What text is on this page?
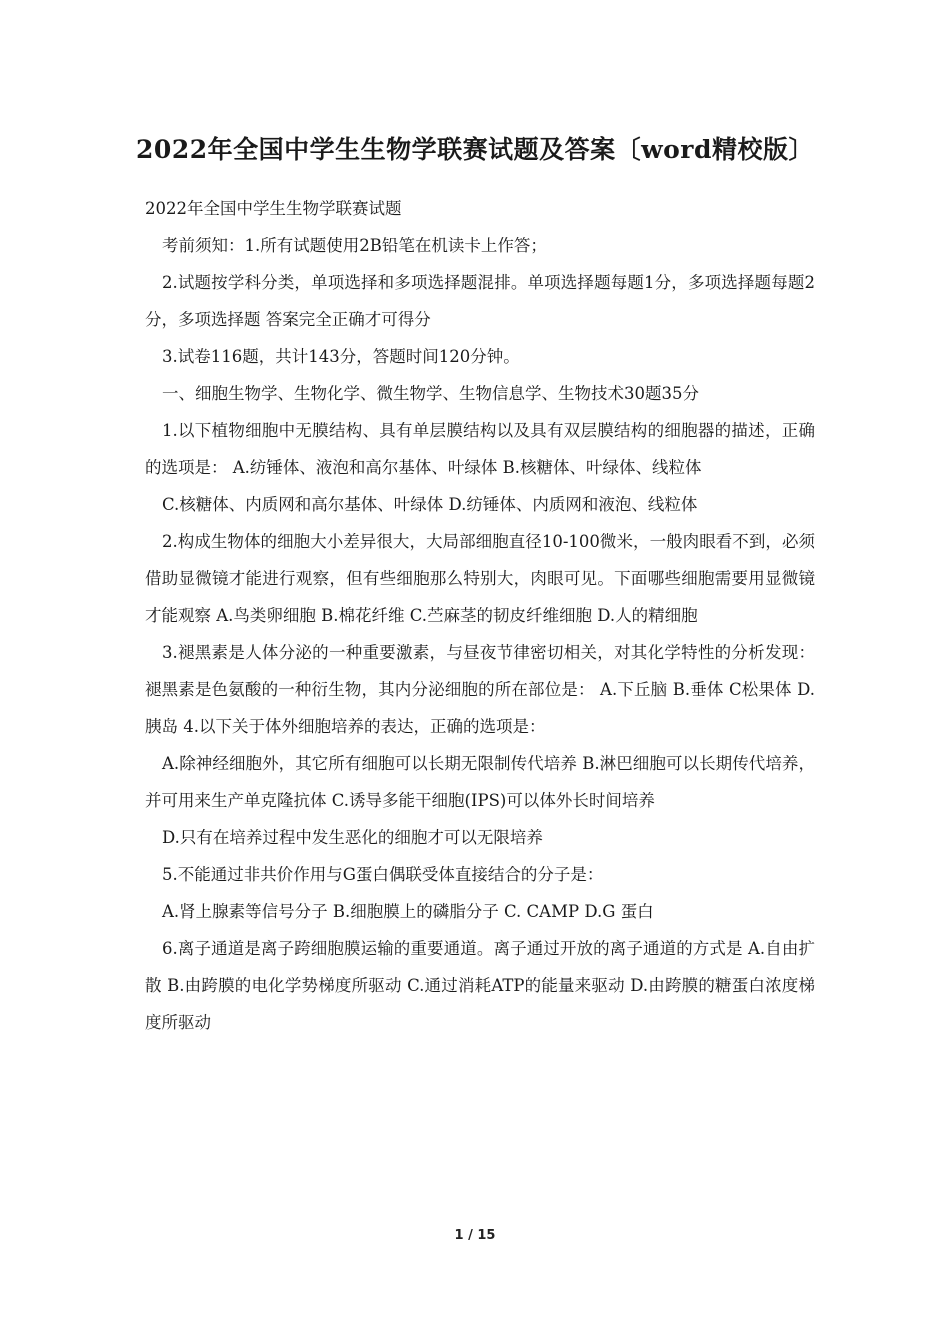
2022年全国中学生生物学联赛试题及答案〔word精校版〕

2022年全国中学生生物学联赛试题

考前须知：1.所有试题使用2B铅笔在机读卡上作答；

2.试题按学科分类，单项选择和多项选择题混排。单项选择题每题1分，多项选择题每题2分，多项选择题 答案完全正确才可得分

3.试卷116题，共计143分，答题时间120分钟。

一、细胞生物学、生物化学、微生物学、生物信息学、生物技术30题35分

1.以下植物细胞中无膜结构、具有单层膜结构以及具有双层膜结构的细胞器的描述，正确的选项是： A.纺锤体、液泡和高尔基体、叶绿体 B.核糖体、叶绿体、线粒体

C.核糖体、内质网和高尔基体、叶绿体 D.纺锤体、内质网和液泡、线粒体

2.构成生物体的细胞大小差异很大，大局部细胞直径10-100微米，一般肉眼看不到，必须借助显微镜才能进行观察，但有些细胞那么特别大，肉眼可见。下面哪些细胞需要用显微镜才能观察 A.鸟类卵细胞 B.棉花纤维 C.苎麻茎的韧皮纤维细胞 D.人的精细胞

3.褪黑素是人体分泌的一种重要激素，与昼夜节律密切相关，对其化学特性的分析发现：褪黑素是色氨酸的一种衍生物，其内分泌细胞的所在部位是： A.下丘脑 B.垂体 C松果体 D.胰岛 4.以下关于体外细胞培养的表达，正确的选项是：

A.除神经细胞外，其它所有细胞可以长期无限制传代培养 B.淋巴细胞可以长期传代培养，并可用来生产单克隆抗体 C.诱导多能干细胞(IPS)可以体外长时间培养

D.只有在培养过程中发生恶化的细胞才可以无限培养

5.不能通过非共价作用与G蛋白偶联受体直接结合的分子是：

A.肾上腺素等信号分子 B.细胞膜上的磷脂分子 C. CAMP D.G 蛋白

6.离子通道是离子跨细胞膜运输的重要通道。离子通过开放的离子通道的方式是 A.自由扩散 B.由跨膜的电化学势梯度所驱动 C.通过消耗ATP的能量来驱动 D.由跨膜的糖蛋白浓度梯度所驱动

1 / 15
